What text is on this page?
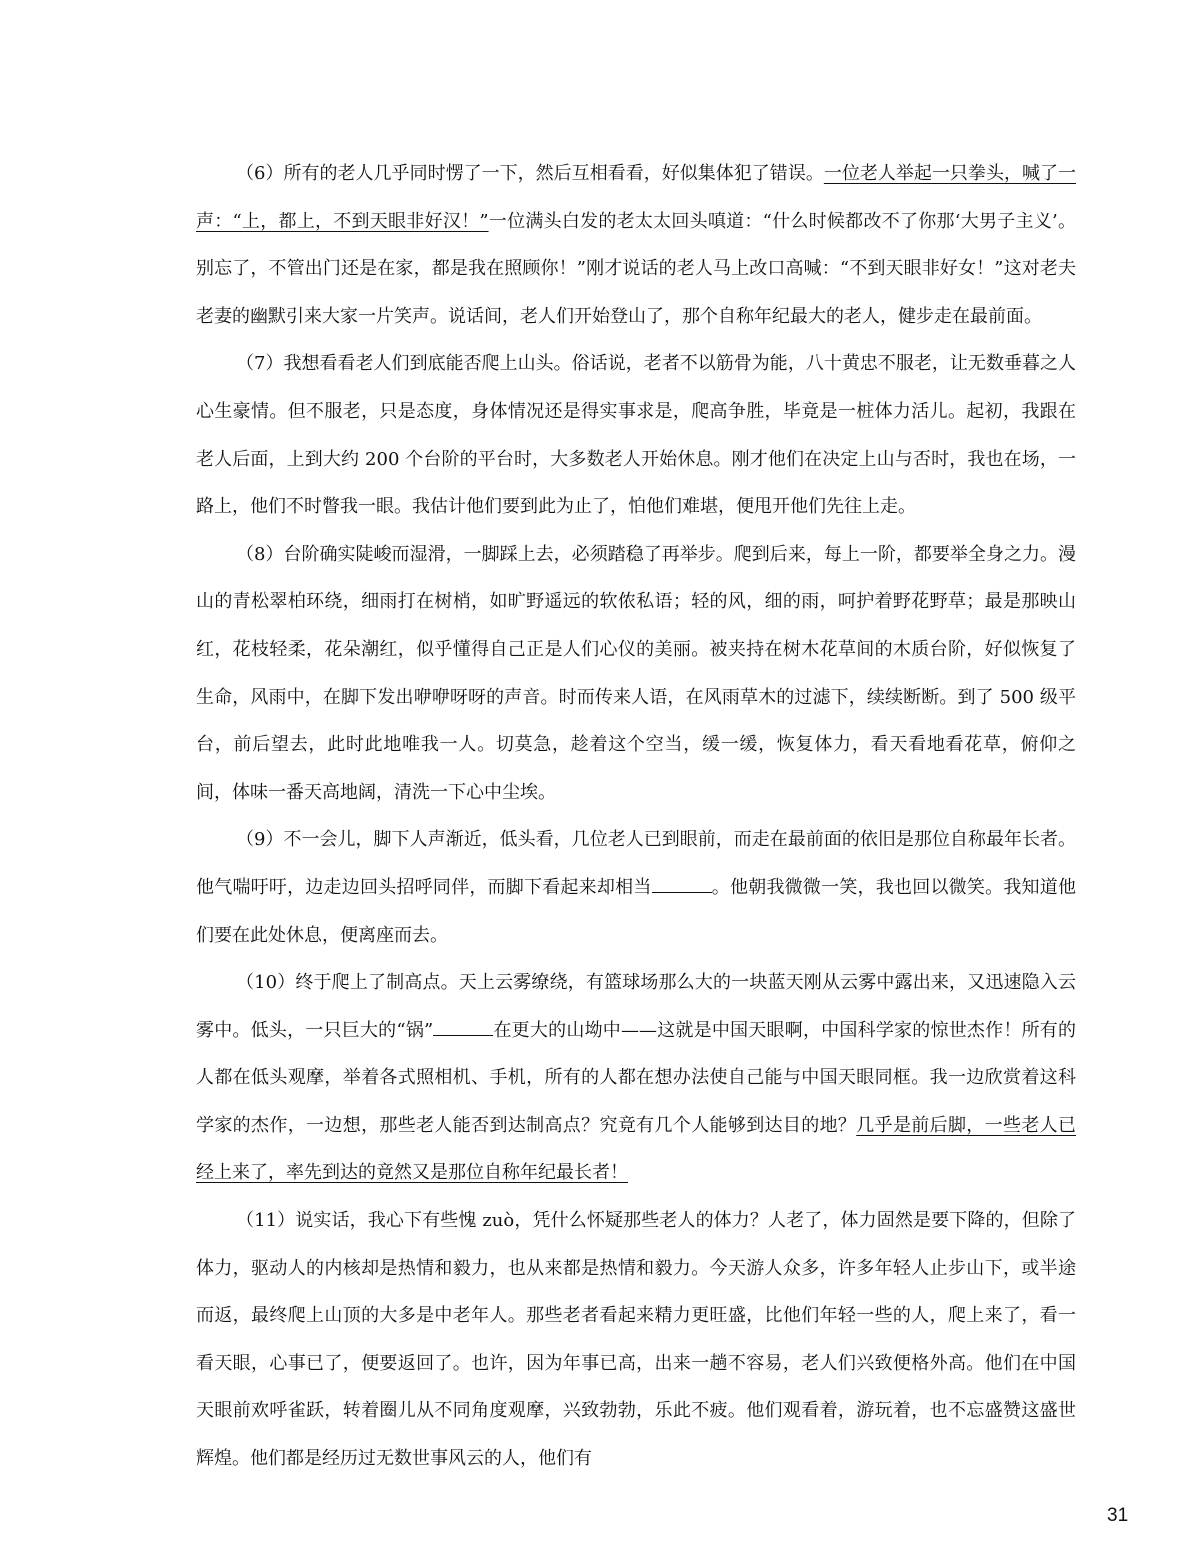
（6）所有的老人几乎同时愣了一下，然后互相看看，好似集体犯了错误。一位老人举起一只拳头，喊了一声：“上，都上，不到天眼非好汉！”一位满头白发的老太太回头嗔道：“什么时候都改不了你那‘大男子主义’。别忘了，不管出门还是在家，都是我在照顾你！”刚才说话的老人马上改口高喊：“不到天眼非好女！”这对老夫老妻的幽默引来大家一片笑声。说话间，老人们开始登山了，那个自称年纪最大的老人，健步走在最前面。

（7）我想看看老人们到底能否爬上山头。俗话说，老者不以筋骨为能，八十黄忠不服老，让无数垂暮之人心生豪情。但不服老，只是态度，身体情况还是得实事求是，爬高争胜，毕竟是一桩体力活儿。起初，我跟在老人后面，上到大约 200 个台阶的平台时，大多数老人开始休息。刚才他们在决定上山与否时，我也在场，一路上，他们不时瞥我一眼。我估计他们要到此为止了，怕他们难堪，便甩开他们先往上走。

（8）台阶确实陡峻而湿滑，一脚踩上去，必须踏稳了再举步。爬到后来，每上一阶，都要举全身之力。漫山的青松翠柏环绕，细雨打在树梢，如旷野遥远的软侬私语；轻的风，细的雨，呵护着野花野草；最是那映山红，花枝轻柔，花朵潮红，似乎懂得自己正是人们心仪的美丽。被夹持在树木花草间的木质台阶，好似恢复了生命，风雨中，在脚下发出咿咿呀呀的声音。时而传来人语，在风雨草木的过滤下，续续断断。到了 500 级平台，前后望去，此时此地唯我一人。切莫急，趁着这个空当，缓一缓，恢复体力，看天看地看花草，俯仰之间，体味一番天高地阔，清洗一下心中尘埃。

（9）不一会儿，脚下人声渐近，低头看，几位老人已到眼前，而走在最前面的依旧是那位自称最年长者。他气喘吁吁，边走边回头招呼同伴，而脚下看起来却相当	。他朝我微微一笑，我也回以微笑。我知道他们要在此处休息，便离座而去。

（10）终于爬上了制高点。天上云雾缭绕，有篮球场那么大的一块蓝天刚从云雾中露出来，又迅速隐入云雾中。低头，一只巨大的“锅”	在更大的山坳中——这就是中国天眼啊，中国科学家的惊世杰作！所有的人都在低头观摩，举着各式照相机、手机，所有的人都在想办法使自己能与中国天眼同框。我一边欣赏着这科学家的杰作，一边想，那些老人能否到达制高点？究竟有几个人能够到达目的地？几乎是前后脚，一些老人已经上来了，率先到达的竟然又是那位自称年纪最长者！

（11）说实话，我心下有些愧 zuò，凭什么怀疑那些老人的体力？人老了，体力固然是要下降的，但除了体力，驱动人的内核却是热情和毅力，也从来都是热情和毅力。今天游人众多，许多年轻人止步山下，或半途而返，最终爬上山顶的大多是中老年人。那些老者看起来精力更旺盛，比他们年轻一些的人，爬上来了，看一看天眼，心事已了，便要返回了。也许，因为年事已高，出来一趟不容易，老人们兴致便格外高。他们在中国天眼前欢呼雀跃，转着圈儿从不同角度观摩，兴致勃勃，乐此不疲。他们观看着，游玩着，也不忘盛赞这盛世辉煌。他们都是经历过无数世事风云的人，他们有

31
